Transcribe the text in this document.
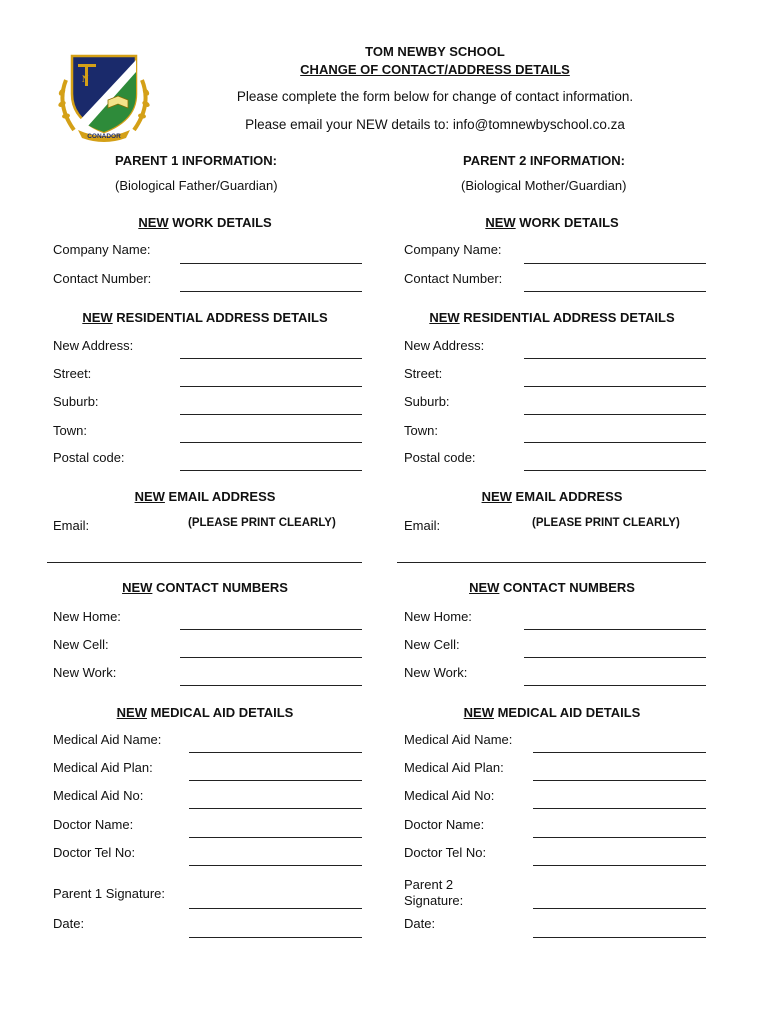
N
CONADOR
TOM NEWBY SCHOOL
CHANGE OF CONTACT/ADDRESS DETAILS
Please complete the form below for change of contact information.
Please email your NEW details to: info@tomnewbyschool.co.za
PARENT 1 INFORMATION:
(Biological Father/Guardian)
NEW WORK DETAILS
Company Name:
Contact Number:
NEW RESIDENTIAL ADDRESS DETAILS
New Address:
Street:
Suburb:
Town:
Postal code:
NEW EMAIL ADDRESS
Email:	(PLEASE PRINT CLEARLY)
NEW CONTACT NUMBERS
New Home:
New Cell:
New Work:
NEW MEDICAL AID DETAILS
Medical Aid Name:
Medical Aid Plan:
Medical Aid No:
Doctor Name:
Doctor Tel No:
Parent 1 Signature:
Date:
PARENT 2 INFORMATION:
(Biological Mother/Guardian)
NEW WORK DETAILS
Company Name:
Contact Number:
NEW RESIDENTIAL ADDRESS DETAILS
New Address:
Street:
Suburb:
Town:
Postal code:
NEW EMAIL ADDRESS
Email:	(PLEASE PRINT CLEARLY)
NEW CONTACT NUMBERS
New Home:
New Cell:
New Work:
NEW MEDICAL AID DETAILS
Medical Aid Name:
Medical Aid Plan:
Medical Aid No:
Doctor Name:
Doctor Tel No:
Parent 2
Signature:
Date:
